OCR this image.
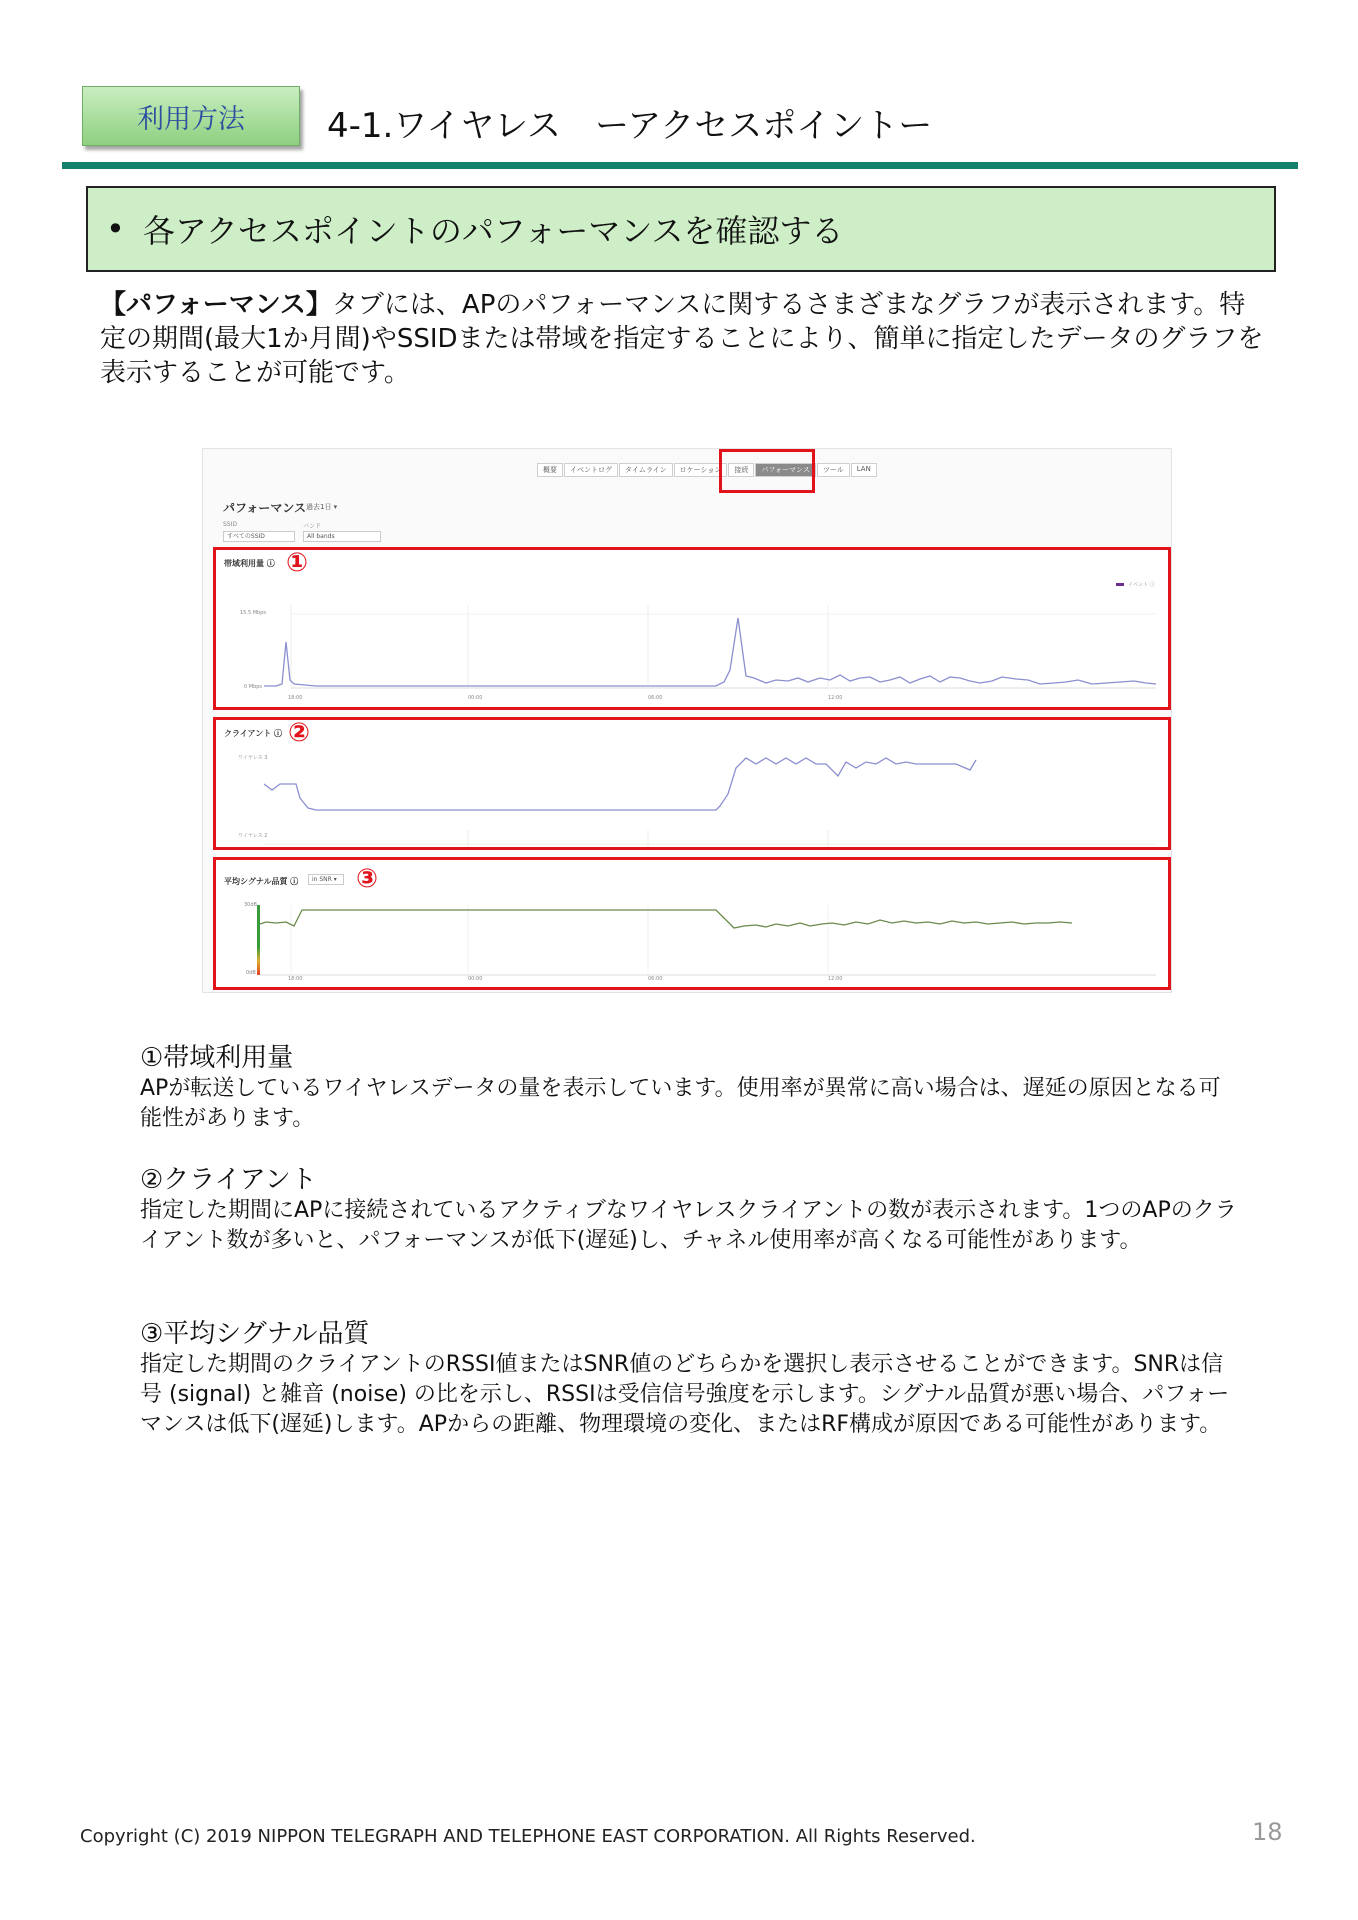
利用方法	4-1.ワイヤレス　ーアクセスポイントー
• 各アクセスポイントのパフォーマンスを確認する

【パフォーマンス】タブには、APのパフォーマンスに関するさまざまなグラフが表示されます。特定の期間(最大1か月間)やSSIDまたは帯域を指定することにより、簡単に指定したデータのグラフを表示することが可能です。

概要	イベントログ	タイムライン	ロケーション	接続	パフォーマンス	ツール	LAN
パフォーマンス 過去1日 ▾
SSID
すべてのSSID
バンド
All bands
帯域利用量 ⓘ ①
イベント ⓘ
15.5 Mbps
0 Mbps
18:00	00:00	06:00	12:00
クライアント ⓘ ②
ワイヤレス 3
ワイヤレス 2
平均シグナル品質 ⓘ	in SNR ▾ ③
30dB
0dB
18:00	00:00	06:00	12:00
①帯域利用量
APが転送しているワイヤレスデータの量を表示しています。使用率が異常に高い場合は、遅延の原因となる可能性があります。
②クライアント
指定した期間にAPに接続されているアクティブなワイヤレスクライアントの数が表示されます。1つのAPのクライアント数が多いと、パフォーマンスが低下(遅延)し、チャネル使用率が高くなる可能性があります。
③平均シグナル品質
指定した期間のクライアントのRSSI値またはSNR値のどちらかを選択し表示させることができます。SNRは信号 (signal) と雑音 (noise) の比を示し、RSSIは受信信号強度を示します。シグナル品質が悪い場合、パフォーマンスは低下(遅延)します。APからの距離、物理環境の変化、またはRF構成が原因である可能性があります。
Copyright (C) 2019 NIPPON TELEGRAPH AND TELEPHONE EAST CORPORATION. All Rights Reserved.	18
